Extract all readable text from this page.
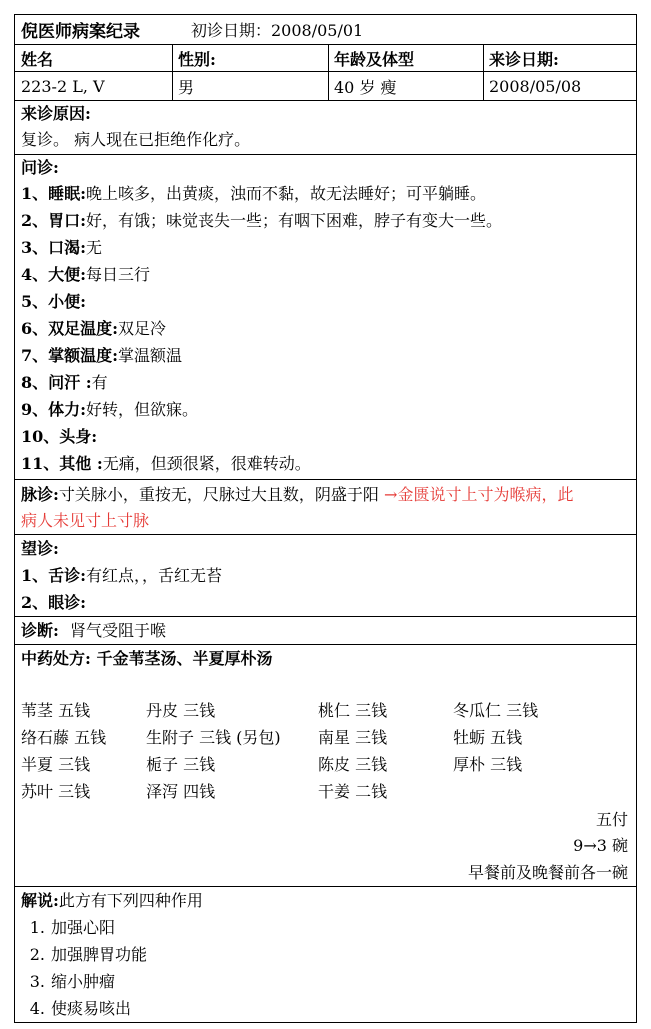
倪医师病案纪录	初诊日期：2008/05/01
姓名	性别:	年龄及体型	来诊日期:
223-2 L, V	男	40 岁 瘦	2008/05/08
来诊原因:
复诊。 病人现在已拒绝作化疗。
问诊:
1、睡眠:晚上咳多，出黄痰，浊而不黏，故无法睡好；可平躺睡。
2、胃口:好，有饿；味觉丧失一些；有咽下困难，脖子有变大一些。
3、口渴:无
4、大便:每日三行
5、小便:
6、双足温度:双足冷
7、掌额温度:掌温额温
8、问汗 :有
9、体力:好转，但欲寐。
10、头身:
11、其他 :无痛，但颈很紧，很难转动。
脉诊:寸关脉小，重按无，尺脉过大且数，阴盛于阳 →金匮说寸上寸为喉病，此
病人未见寸上寸脉
望诊:
1、舌诊:有红点，，舌红无苔
2、眼诊:
诊断: 肾气受阻于喉
中药处方: 千金苇茎汤、半夏厚朴汤
苇茎 五钱	丹皮 三钱	桃仁 三钱	冬瓜仁 三钱
络石藤 五钱 生附子 三钱 (另包) 南星 三钱	牡蛎 五钱
半夏 三钱	栀子 三钱	陈皮 三钱	厚朴 三钱
苏叶 三钱	泽泻 四钱	干姜 二钱
五付
9→3 碗
早餐前及晚餐前各一碗
解说:此方有下列四种作用
1. 加强心阳
2. 加强脾胃功能
3. 缩小肿瘤
4. 使痰易咳出
